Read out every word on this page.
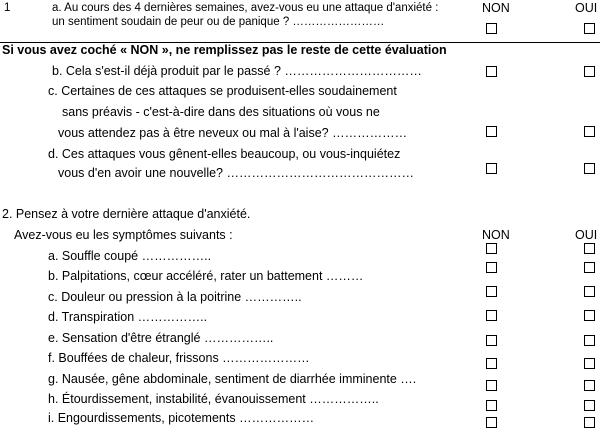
1	a. Au cours des 4 dernières semaines, avez-vous eu une attaque d'anxiété :
un sentiment soudain de peur ou de panique ? ……………………
NON	OUI
Si vous avez coché « NON », ne remplissez pas le reste de cette évaluation
b. Cela s'est-il déjà produit par le passé ? ……………………………
c. Certaines de ces attaques se produisent-elles soudainement
sans préavis - c'est-à-dire dans des situations où vous ne
vous attendez pas à être neveux ou mal à l'aise? ………………
d. Ces attaques vous gênent-elles beaucoup, ou vous-inquiétez
vous d'en avoir une nouvelle? ………………………………………
2. Pensez à votre dernière attaque d'anxiété.
Avez-vous eu les symptômes suivants :	NON	OUI
a. Souffle coupé ……………..
b. Palpitations, cœur accéléré, rater un battement ………
c. Douleur ou pression à la poitrine …………..
d. Transpiration ……………..
e. Sensation d'être étranglé ……………..
f. Bouffées de chaleur, frissons …………………
g. Nausée, gêne abdominale, sentiment de diarrhée imminente ….
h. Étourdissement, instabilité, évanouissement ……………..
i. Engourdissements, picotements ………………
